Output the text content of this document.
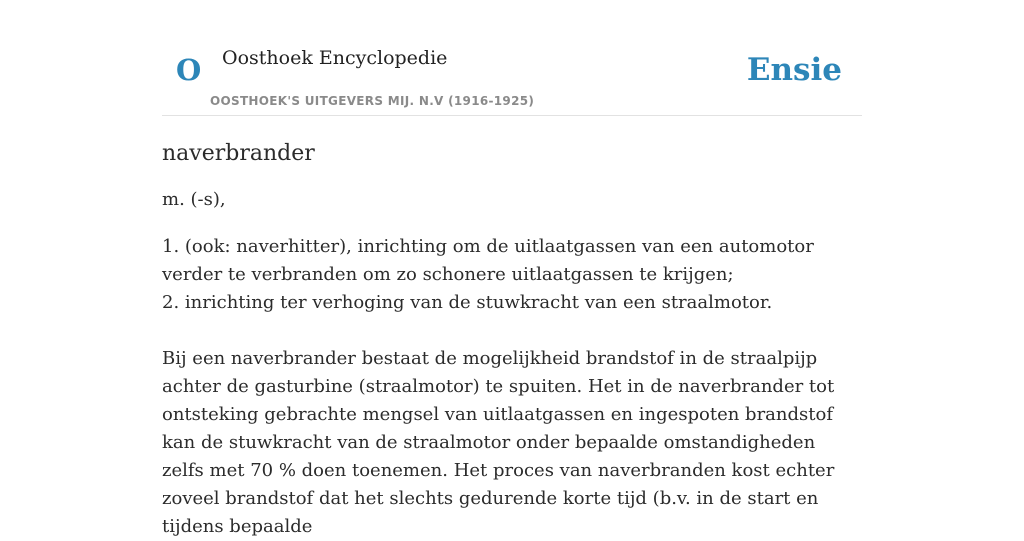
O Oosthoek Encyclopedie
OOSTHOEK'S UITGEVERS MIJ. N.V (1916-1925)
Ensie
naverbrander

m. (-s),

1. (ook: naverhitter), inrichting om de uitlaatgassen van een automotor verder te verbranden om zo schonere uitlaatgassen te krijgen;
2. inrichting ter verhoging van de stuwkracht van een straalmotor.

Bij een naverbrander bestaat de mogelijkheid brandstof in de straalpijp achter de gasturbine (straalmotor) te spuiten. Het in de naverbrander tot ontsteking gebrachte mengsel van uitlaatgassen en ingespoten brandstof kan de stuwkracht van de straalmotor onder bepaalde omstandigheden zelfs met 70 % doen toenemen. Het proces van naverbranden kost echter zoveel brandstof dat het slechts gedurende korte tijd (b.v. in de start en tijdens bepaalde
